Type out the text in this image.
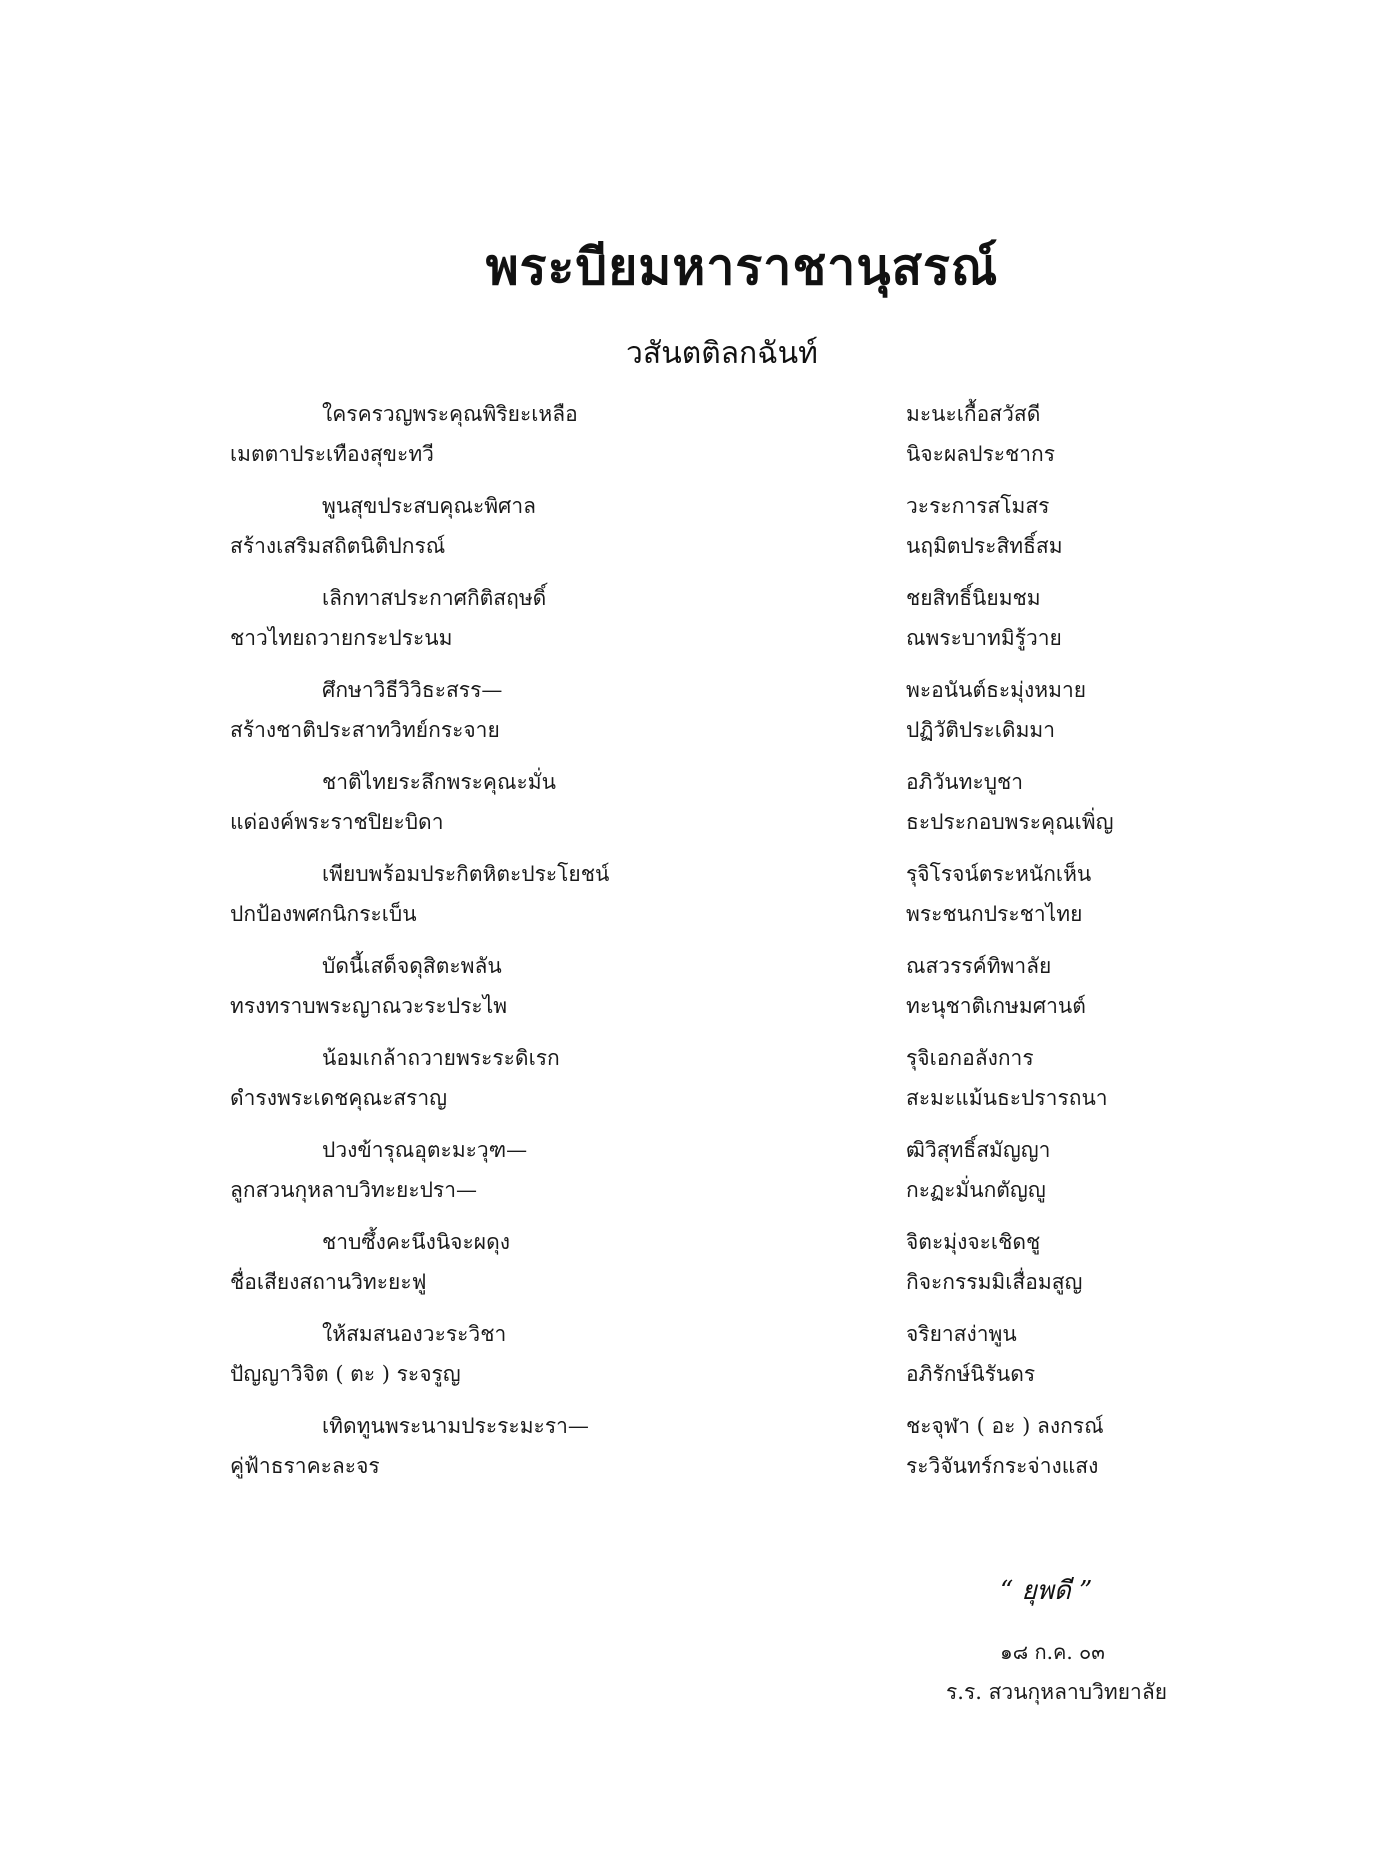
พระบียมหาราชานุสรณ์
วสันตติลกฉันท์
ใครครวญพระคุณพิริยะเหลือ	มะนะเกื้อสวัสดี
เมตตาประเทืองสุขะทวี	นิจะผลประชากร
พูนสุขประสบคุณะพิศาล	วะระการสโมสร
สร้างเสริมสถิตนิติปกรณ์	นฤมิตประสิทธิ์สม
เลิกทาสประกาศกิติสฤษดิ์	ชยสิทธิ์นิยมชม
ชาวไทยถวายกระประนม	ณพระบาทมิรู้วาย
ศึกษาวิธีวิวิธะสรร—	พะอนันต์ธะมุ่งหมาย
สร้างชาติประสาทวิทย์กระจาย	ปฏิวัติประเดิมมา
ชาติไทยระลึกพระคุณะมั่น	อภิวันทะบูชา
แด่องค์พระราชปิยะบิดา	ธะประกอบพระคุณเพิ่ญ
เพียบพร้อมประกิตหิตะประโยชน์	รุจิโรจน์ตระหนักเห็น
ปกป้องพศกนิกระเบ็น	พระชนกประชาไทย
บัดนี้เสด็จดุสิตะพลัน	ณสวรรค์ทิพาลัย
ทรงทราบพระญาณวะระประไพ	ทะนุชาติเกษมศานต์
น้อมเกล้าถวายพระระดิเรก	รุจิเอกอลังการ
ดำรงพระเดชคุณะสราญ	สะมะแม้นธะปรารถนา
ปวงข้ารุณอุตะมะวุฑ—	ฒิวิสุทธิ์สมัญญา
ลูกสวนกุหลาบวิทะยะปรา—	กะฏะมั่นกตัญญู
ชาบซึ้งคะนึงนิจะผดุง	จิตะมุ่งจะเชิดชู
ชื่อเสียงสถานวิทะยะฟู	กิจะกรรมมิเสื่อมสูญ
ให้สมสนองวะระวิชา	จริยาสง่าพูน
ปัญญาวิจิต ( ตะ ) ระจรูญ	อภิรักษ์นิรันดร
เทิดทูนพระนามประระมะรา—	ชะจุฬา ( อะ ) ลงกรณ์
คู่ฟ้าธราคะละจร	ระวิจันทร์กระจ่างแสง
“ ยุพดี ”
๑๘ ก.ค. ๐๓
ร.ร. สวนกุหลาบวิทยาลัย
